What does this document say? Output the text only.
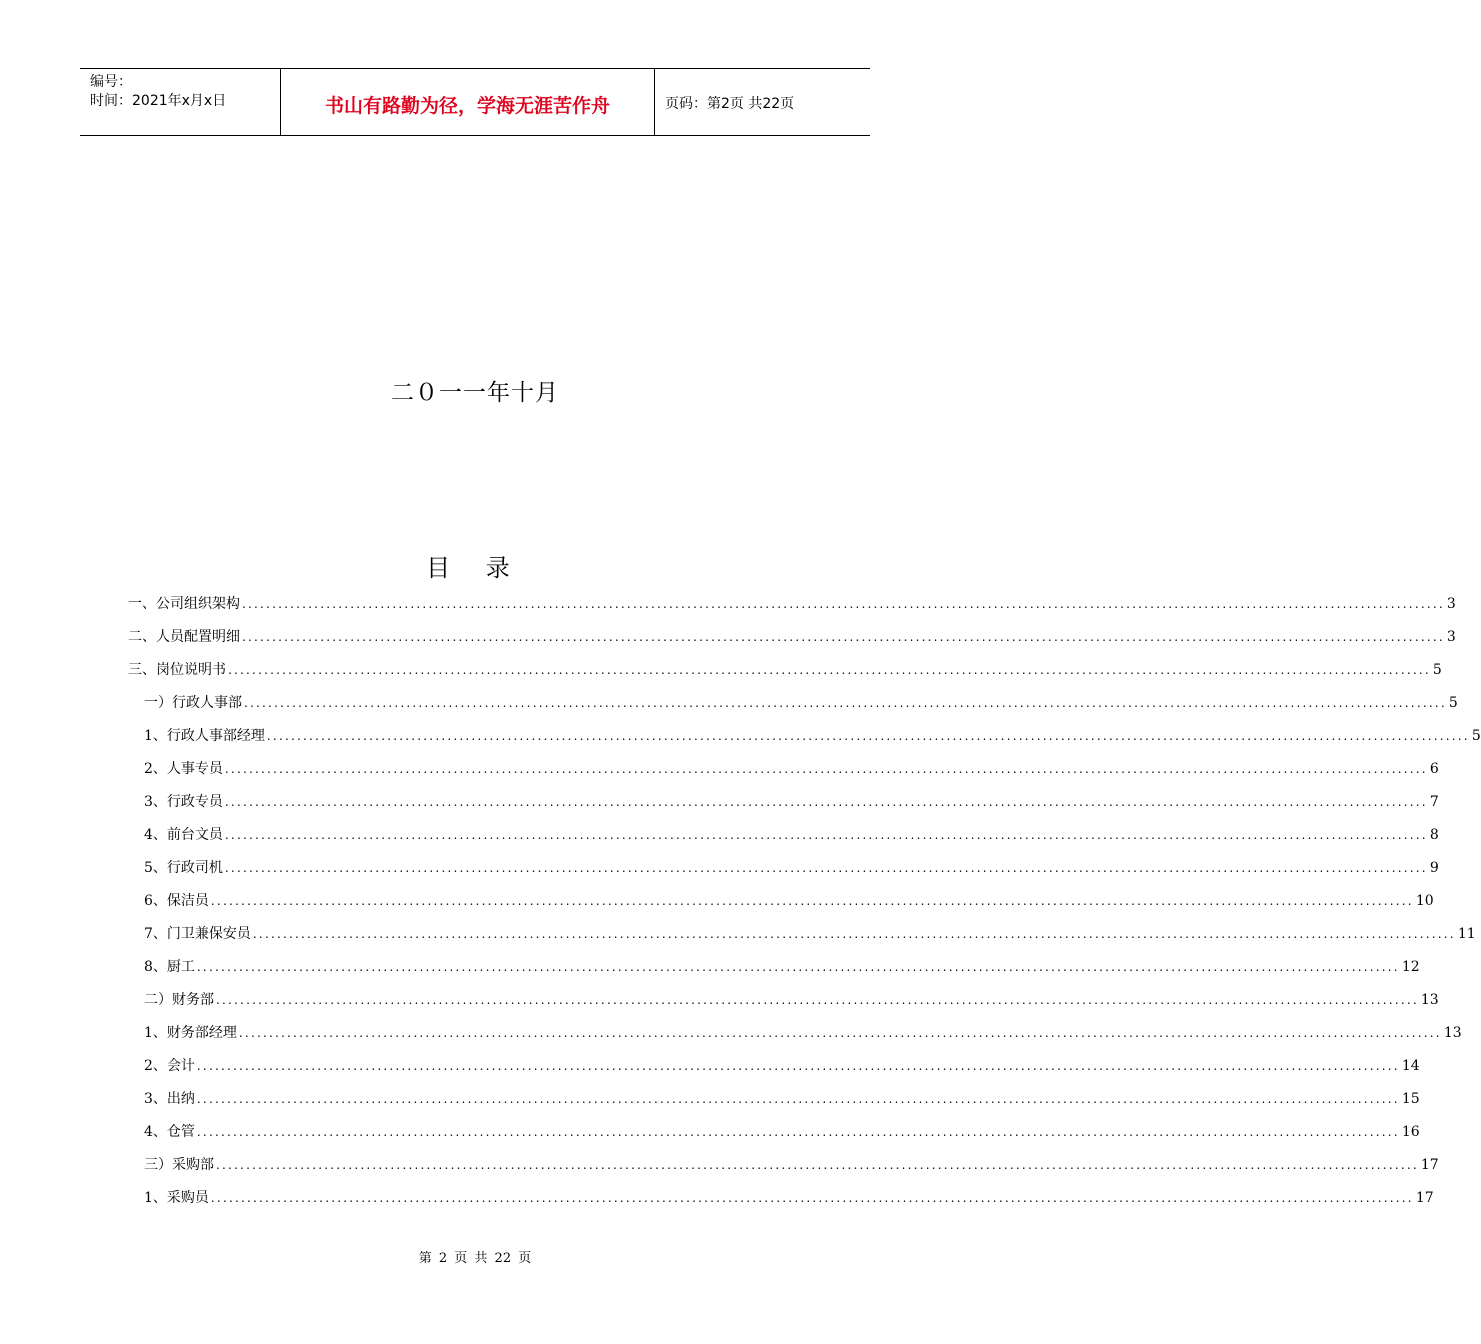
编号：
时间：2021年x月x日	书山有路勤为径，学海无涯苦作舟	页码：第2页 共22页
二０一一年十月
目 录
一、公司组织架构 ........................................................................................................................................................................................................ 3
二、人员配置明细 ........................................................................................................................................................................................................ 3
三、岗位说明书 ........................................................................................................................................................................................................ 5
一）行政人事部 ........................................................................................................................................................................................................ 5
1、行政人事部经理 ........................................................................................................................................................................................................ 5
2、人事专员 ........................................................................................................................................................................................................ 6
3、行政专员 ........................................................................................................................................................................................................ 7
4、前台文员 ........................................................................................................................................................................................................ 8
5、行政司机 ........................................................................................................................................................................................................ 9
6、保洁员 ........................................................................................................................................................................................................ 10
7、门卫兼保安员 ........................................................................................................................................................................................................ 11
8、厨工 ........................................................................................................................................................................................................ 12
二）财务部 ........................................................................................................................................................................................................ 13
1、财务部经理 ........................................................................................................................................................................................................ 13
2、会计 ........................................................................................................................................................................................................ 14
3、出纳 ........................................................................................................................................................................................................ 15
4、仓管 ........................................................................................................................................................................................................ 16
三）采购部 ........................................................................................................................................................................................................ 17
1、采购员 ........................................................................................................................................................................................................ 17
第 2 页 共 22 页
